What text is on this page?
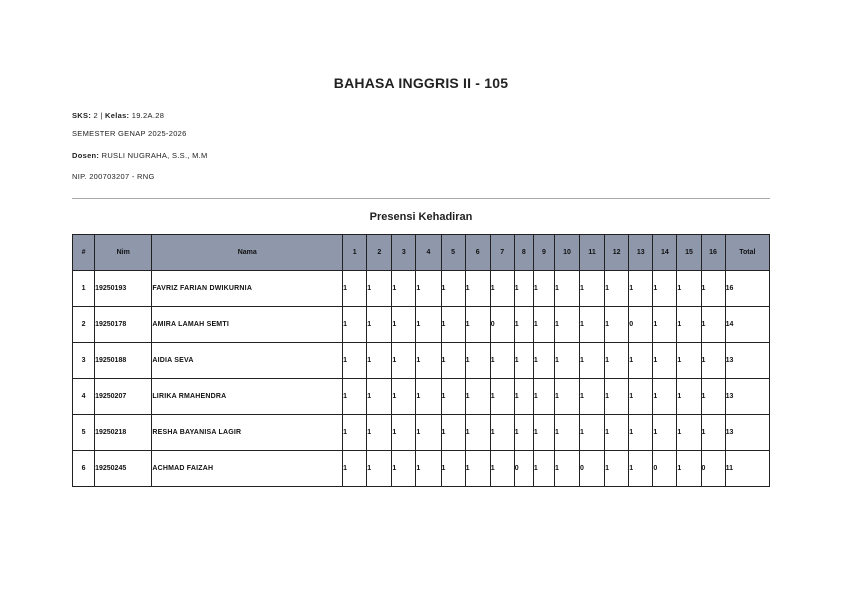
BAHASA INGGRIS II - 105
SKS: 2 | Kelas: 19.2A.28
SEMESTER GENAP 2025-2026
Dosen: RUSLI NUGRAHA, S.S., M.M
NIP. 200703207 - RNG
Presensi Kehadiran
#	Nim	Nama	1	2	3	4	5	6	7	8	9	10	11	12	13	14	15	16	Total
1	19250193	FAVRIZ FARIAN DWIKURNIA	1	1	1	1	1	1	1	1	1	1	1	1	1	1	1	1	16
2	19250178	AMIRA LAMAH SEMTI	1	1	1	1	1	1	0	1	1	1	1	1	0	1	1	1	14
3	19250188	AIDIA SEVA	1	1	1	1	1	1	1	1	1	1	1	1	1	1	1	1	13
4	19250207	LIRIKA RMAHENDRA	1	1	1	1	1	1	1	1	1	1	1	1	1	1	1	1	13
5	19250218	RESHA BAYANISA LAGIR	1	1	1	1	1	1	1	1	1	1	1	1	1	1	1	1	13
6	19250245	ACHMAD FAIZAH	1	1	1	1	1	1	1	0	1	1	0	1	1	0	1	0	11
